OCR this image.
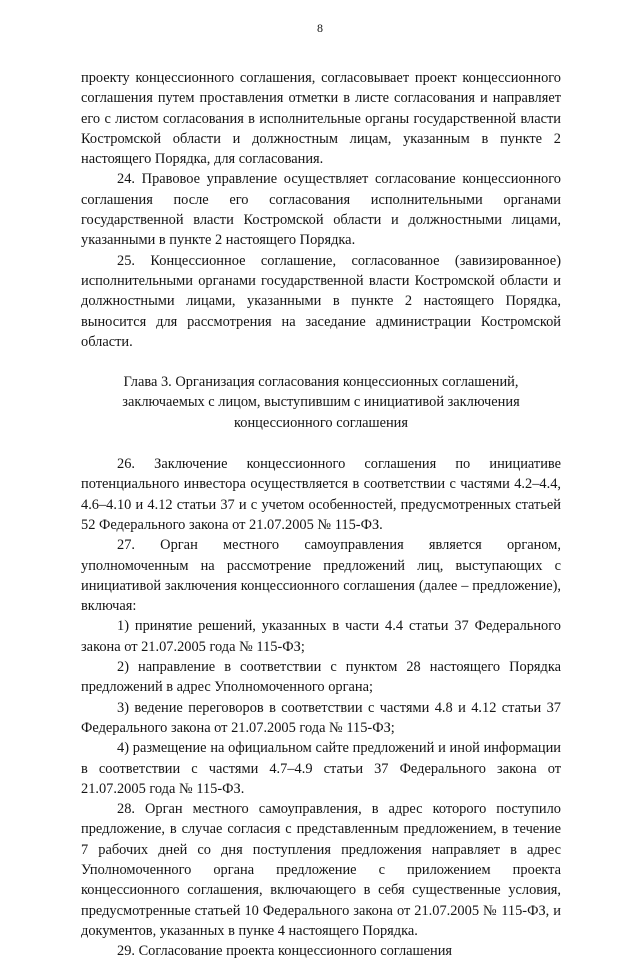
8

проекту концессионного соглашения, согласовывает проект концессионного соглашения путем проставления отметки в листе согласования и направляет его с листом согласования в исполнительные органы государственной власти Костромской области и должностным лицам, указанным в пункте 2 настоящего Порядка, для согласования.

24. Правовое управление осуществляет согласование концессионного соглашения после его согласования исполнительными органами государственной власти Костромской области и должностными лицами, указанными в пункте 2 настоящего Порядка.

25. Концессионное соглашение, согласованное (завизированное) исполнительными органами государственной власти Костромской области и должностными лицами, указанными в пункте 2 настоящего Порядка, выносится для рассмотрения на заседание администрации Костромской области.

Глава 3. Организация согласования концессионных соглашений,
заключаемых с лицом, выступившим с инициативой заключения
концессионного соглашения

26. Заключение концессионного соглашения по инициативе потенциального инвестора осуществляется в соответствии с частями 4.2–4.4, 4.6–4.10 и 4.12 статьи 37 и с учетом особенностей, предусмотренных статьей 52 Федерального закона от 21.07.2005 № 115-ФЗ.

27. Орган местного самоуправления является органом, уполномоченным на рассмотрение предложений лиц, выступающих с инициативой заключения концессионного соглашения (далее – предложение), включая:

1) принятие решений, указанных в части 4.4 статьи 37 Федерального закона от 21.07.2005 года № 115-ФЗ;

2) направление в соответствии с пунктом 28 настоящего Порядка предложений в адрес Уполномоченного органа;

3) ведение переговоров в соответствии с частями 4.8 и 4.12 статьи 37 Федерального закона от 21.07.2005 года № 115-ФЗ;

4) размещение на официальном сайте предложений и иной информации в соответствии с частями 4.7–4.9 статьи 37 Федерального закона от 21.07.2005 года № 115-ФЗ.

28. Орган местного самоуправления, в адрес которого поступило предложение, в случае согласия с представленным предложением, в течение 7 рабочих дней со дня поступления предложения направляет в адрес Уполномоченного органа предложение с приложением проекта концессионного соглашения, включающего в себя существенные условия, предусмотренные статьей 10 Федерального закона от 21.07.2005 № 115-ФЗ, и документов, указанных в пунке 4 настоящего Порядка.

29. Согласование проекта концессионного соглашения
